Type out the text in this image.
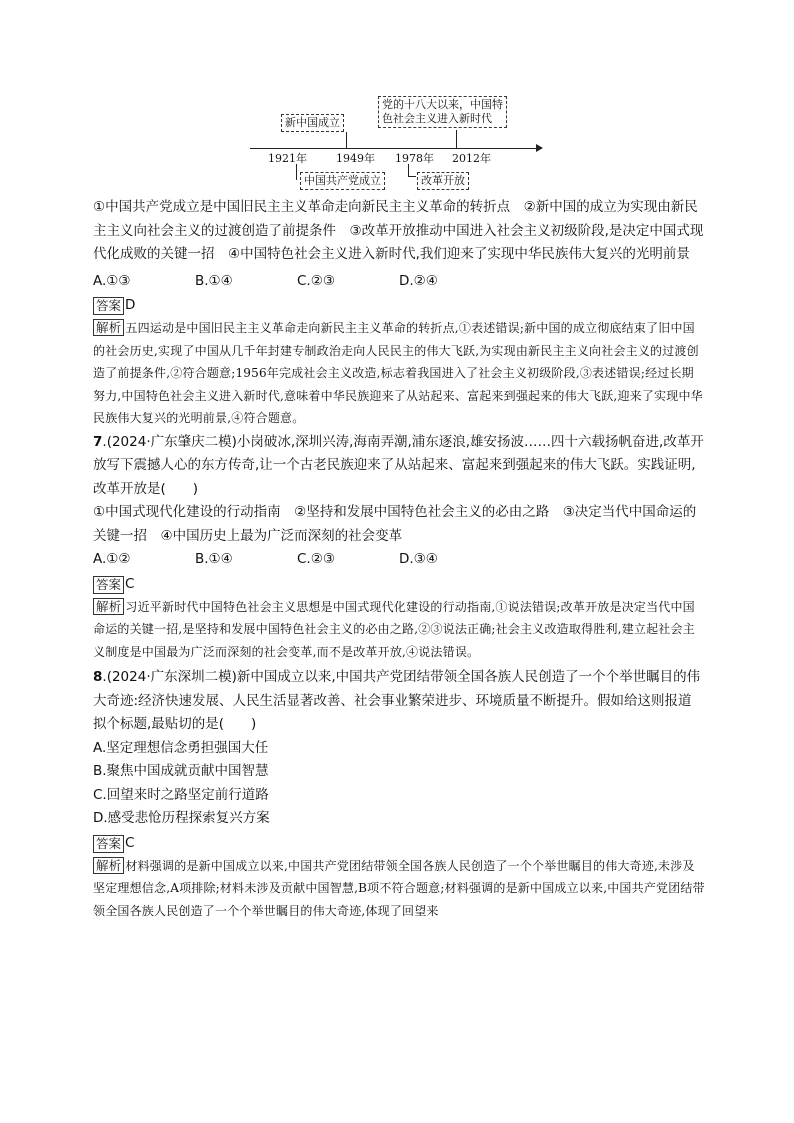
1921年	1949年 1978年 2012年
新中国成立
党的十八大以来，中国特
色社会主义进入新时代
中国共产党成立	改革开放

①中国共产党成立是中国旧民主主义革命走向新民主主义革命的转折点　②新中国的成立为实现由新民主主义向社会主义的过渡创造了前提条件　③改革开放推动中国进入社会主义初级阶段,是决定中国式现代化成败的关键一招　④中国特色社会主义进入新时代,我们迎来了实现中华民族伟大复兴的光明前景

A.①③	B.①④	C.②③	D.②④
答案 D

解析 五四运动是中国旧民主主义革命走向新民主主义革命的转折点,①表述错误;新中国的成立彻底结束了旧中国的社会历史,实现了中国从几千年封建专制政治走向人民民主的伟大飞跃,为实现由新民主主义向社会主义的过渡创造了前提条件,②符合题意;1956年完成社会主义改造,标志着我国进入了社会主义初级阶段,③表述错误;经过长期努力,中国特色社会主义进入新时代,意味着中华民族迎来了从站起来、富起来到强起来的伟大飞跃,迎来了实现中华民族伟大复兴的光明前景,④符合题意。

7.(2024·广东肇庆二模)小岗破冰,深圳兴涛,海南弄潮,浦东逐浪,雄安扬波……四十六载扬帆奋进,改革开放写下震撼人心的东方传奇,让一个古老民族迎来了从站起来、富起来到强起来的伟大飞跃。实践证明,改革开放是(　　)

①中国式现代化建设的行动指南　②坚持和发展中国特色社会主义的必由之路　③决定当代中国命运的关键一招　④中国历史上最为广泛而深刻的社会变革

A.①②	B.①④	C.②③	D.③④
答案 C

解析 习近平新时代中国特色社会主义思想是中国式现代化建设的行动指南,①说法错误;改革开放是决定当代中国命运的关键一招,是坚持和发展中国特色社会主义的必由之路,②③说法正确;社会主义改造取得胜利,建立起社会主义制度是中国最为广泛而深刻的社会变革,而不是改革开放,④说法错误。

8.(2024·广东深圳二模)新中国成立以来,中国共产党团结带领全国各族人民创造了一个个举世瞩目的伟大奇迹:经济快速发展、人民生活显著改善、社会事业繁荣进步、环境质量不断提升。假如给这则报道拟个标题,最贴切的是(　　)

A.坚定理想信念勇担强国大任
B.聚焦中国成就贡献中国智慧
C.回望来时之路坚定前行道路
D.感受悲怆历程探索复兴方案
答案 C

解析 材料强调的是新中国成立以来,中国共产党团结带领全国各族人民创造了一个个举世瞩目的伟大奇迹,未涉及坚定理想信念,A项排除;材料未涉及贡献中国智慧,B项不符合题意;材料强调的是新中国成立以来,中国共产党团结带领全国各族人民创造了一个个举世瞩目的伟大奇迹,体现了回望来
